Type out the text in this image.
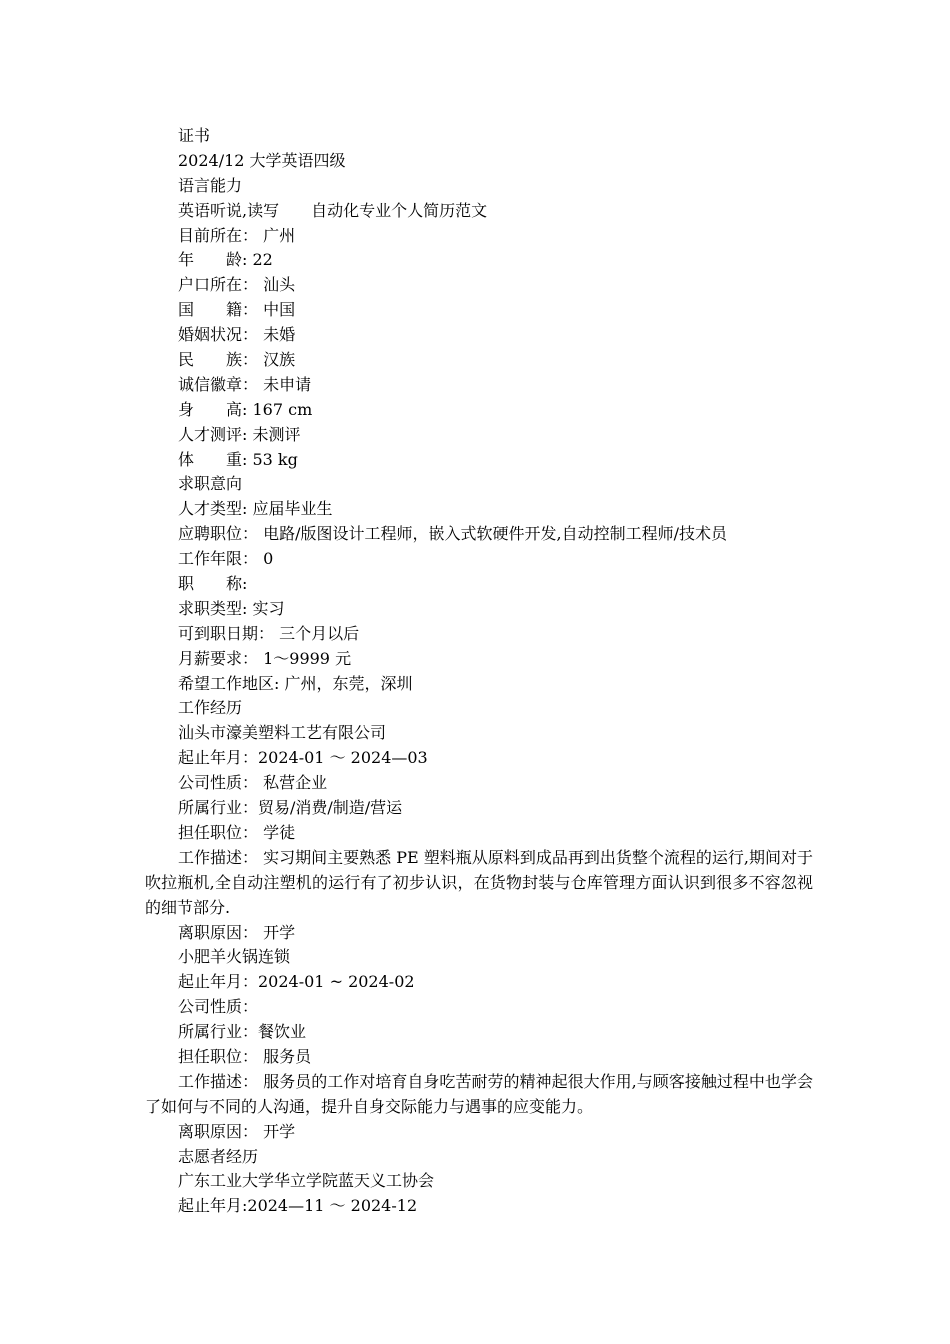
证书
2024/12 大学英语四级
语言能力
英语听说,读写　　自动化专业个人简历范文
目前所在： 广州
年　　龄: 22
户口所在： 汕头
国　　籍： 中国
婚姻状况： 未婚
民　　族： 汉族
诚信徽章： 未申请
身　　高: 167 cm
人才测评: 未测评
体　　重: 53 kg
求职意向
人才类型: 应届毕业生
应聘职位： 电路/版图设计工程师，嵌入式软硬件开发,自动控制工程师/技术员
工作年限： 0
职　　称:
求职类型: 实习
可到职日期： 三个月以后
月薪要求： 1～9999 元
希望工作地区: 广州，东莞，深圳
工作经历
汕头市濠美塑料工艺有限公司
起止年月：2024-01 ～ 2024—03
公司性质： 私营企业
所属行业：贸易/消费/制造/营运
担任职位： 学徒
工作描述： 实习期间主要熟悉 PE 塑料瓶从原料到成品再到出货整个流程的运行,期间对于吹拉瓶机,全自动注塑机的运行有了初步认识，在货物封装与仓库管理方面认识到很多不容忽视的细节部分.
离职原因： 开学
小肥羊火锅连锁
起止年月：2024-01 ~ 2024-02
公司性质：
所属行业：餐饮业
担任职位： 服务员
工作描述： 服务员的工作对培育自身吃苦耐劳的精神起很大作用,与顾客接触过程中也学会了如何与不同的人沟通，提升自身交际能力与遇事的应变能力。
离职原因： 开学
志愿者经历
广东工业大学华立学院蓝天义工协会
起止年月:2024—11 ～ 2024-12
